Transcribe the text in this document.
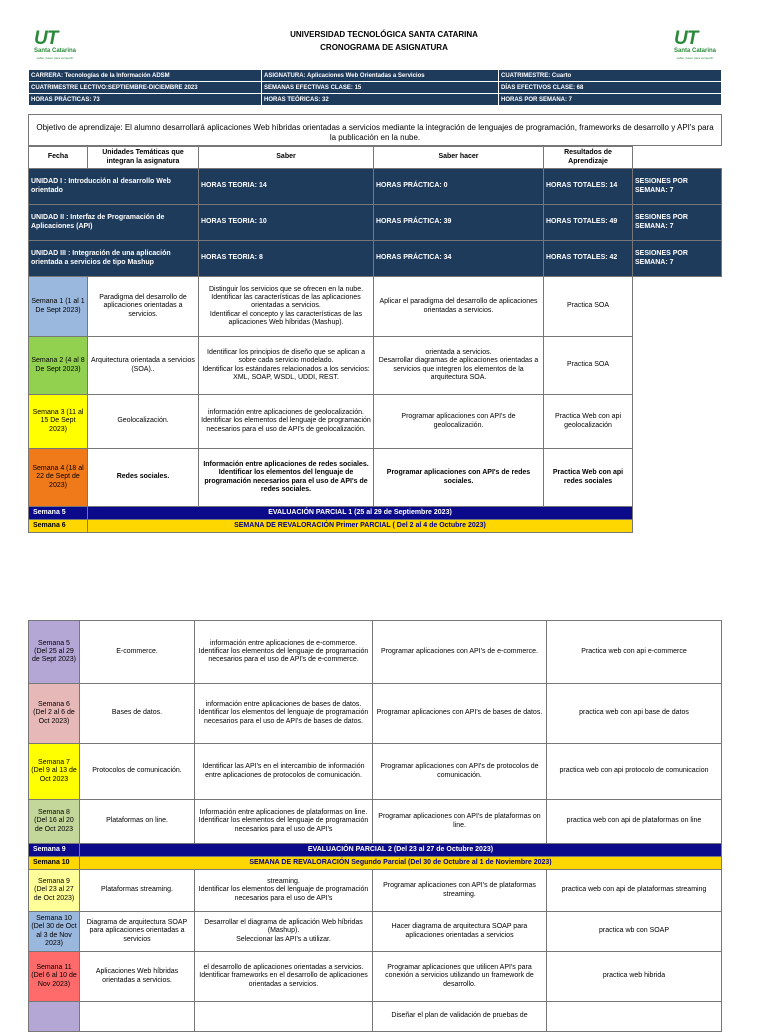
UT
Santa Catarina
saber, hacer para compartir
UNIVERSIDAD TECNOLÓGICA SANTA CATARINA
CRONOGRAMA DE ASIGNATURA	UT
Santa Catarina
saber, hacer para compartir
CARRERA: Tecnologías de la Información ADSM	ASIGNATURA: Aplicaciones Web Orientadas a Servicios	CUATRIMESTRE: Cuarto
CUATRIMESTRE LECTIVO:SEPTIEMBRE-DICIEMBRE 2023	SEMANAS EFECTIVAS CLASE: 15	DÍAS EFECTIVOS CLASE: 68
HORAS PRÁCTICAS: 73	HORAS TEÓRICAS: 32	HORAS POR SEMANA: 7
Objetivo de aprendizaje: El alumno desarrollará aplicaciones Web híbridas orientadas a servicios mediante la integración de lenguajes de programación, frameworks de desarrollo y API's para la publicación en la nube.
Fecha	Unidades Temáticas que integran la asignatura	Saber	Saber hacer	Resultados de Aprendizaje	
UNIDAD I : Introducción al desarrollo Web orientado		HORAS TEORIA: 14	HORAS PRÁCTICA: 0	HORAS TOTALES: 14	SESIONES POR SEMANA: 7
UNIDAD II : Interfaz de Programación de Aplicaciones (API)		HORAS TEORIA: 10	HORAS PRÁCTICA: 39	HORAS TOTALES: 49	SESIONES POR SEMANA: 7
UNIDAD III : Integración de una aplicación orientada a servicios de tipo Mashup		HORAS TEORIA: 8	HORAS PRÁCTICA: 34	HORAS TOTALES: 42	SESIONES POR SEMANA: 7
Semana 1 (1 al 1 De Sept 2023)	Paradigma del desarrollo de aplicaciones orientadas a servicios.	Distinguir los servicios que se ofrecen en la nube.
Identificar las características de las aplicaciones orientadas a servicios.
Identificar el concepto y las características de las aplicaciones Web híbridas (Mashup).	Aplicar el paradigma del desarrollo de aplicaciones orientadas a servicios.	Practica SOA	
Semana 2 (4 al 8 De Sept 2023)	Arquitectura orientada a servicios (SOA)..	Identificar los principios de diseño que se aplican a sobre cada servicio modelado.
Identificar los estándares relacionados a los servicios: XML, SOAP, WSDL, UDDI, REST.	orientada a servicios.
Desarrollar diagramas de aplicaciones orientadas a servicios que integren los elementos de la arquitectura SOA.	Practica SOA	
Semana 3 (11 al 15 De Sept 2023)	Geolocalización.	información entre aplicaciones de geolocalización.
Identificar los elementos del lenguaje de programación necesarios para el uso de API's de geolocalización.	Programar aplicaciones con API's de geolocalización.	Practica Web con api geolocalización	
Semana 4 (18 al 22 de Sept de 2023)	Redes sociales.	Información entre aplicaciones de redes sociales.
Identificar los elementos del lenguaje de programación necesarios para el uso de API's de redes sociales.	Programar aplicaciones con API's de redes sociales.	Practica Web con api redes sociales	
Semana 5	EVALUACIÓN PARCIAL 1 (25 al 29 de Septiembre 2023)				
Semana 6	SEMANA DE REVALORACIÓN Primer PARCIAL ( Del 2 al 4 de Octubre 2023)				
Semana 5 (Del 25 al 29 de Sept 2023)	E-commerce.	información entre aplicaciones de e-commerce.
Identificar los elementos del lenguaje de programación necesarios para el uso de API's de e-commerce.	Programar aplicaciones con API's de e-commerce.	Practica web con api e-commerce
Semana 6 (Del 2 al 6 de Oct 2023)	Bases de datos.	información entre aplicaciones de bases de datos.
Identificar los elementos del lenguaje de programación necesarios para el uso de API's de bases de datos.	Programar aplicaciones con API's de bases de datos.	practica web con api base de datos
Semana 7 (Del 9 al 13 de Oct 2023	Protocolos de comunicación.	Identificar las API's en el intercambio de información entre aplicaciones de protocolos de comunicación.	Programar aplicaciones con API's de protocolos de comunicación.	practica web con api protocolo de comunicacion
Semana 8 (Del 16 al 20 de Oct 2023	Plataformas on line.	Información entre aplicaciones de plataformas on line.
Identificar los elementos del lenguaje de programación necesarios para el uso de API's	Programar aplicaciones con API's de plataformas on line.	practica web con api de plataformas on line
Semana 9	EVALUACIÓN PARCIAL 2 (Del 23 al 27 de Octubre 2023)			
Semana 10	SEMANA DE REVALORACIÓN Segundo Parcial (Del 30 de Octubre al 1 de Noviembre 2023)			
Semana 9 (Del 23 al 27 de Oct 2023)	Plataformas streaming.	streaming.
Identificar los elementos del lenguaje de programación necesarios para el uso de API's	Programar aplicaciones con API's de plataformas streaming.	practica web con api de plataformas streaming
Semana 10 (Del 30 de Oct al 3 de Nov 2023)	Diagrama de arquitectura SOAP para aplicaciones orientadas a servicios	Desarrollar el diagrama de aplicación Web híbridas (Mashup).
Seleccionar las API's a utilizar.	Hacer diagrama de arquitectura SOAP para aplicaciones orientadas a servicios	practica wb con SOAP
Semana 11 (Del 6 al 10 de Nov 2023)	Aplicaciones Web híbridas orientadas a servicios.	el desarrollo de aplicaciones orientadas a servicios.
Identificar frameworks en el desarrollo de aplicaciones orientadas a servicios.	Programar aplicaciones que utilicen API's para conexión a servicios utilizando un framework de desarrollo.	practica web hibrida
			Diseñar el plan de validación de pruebas de	
